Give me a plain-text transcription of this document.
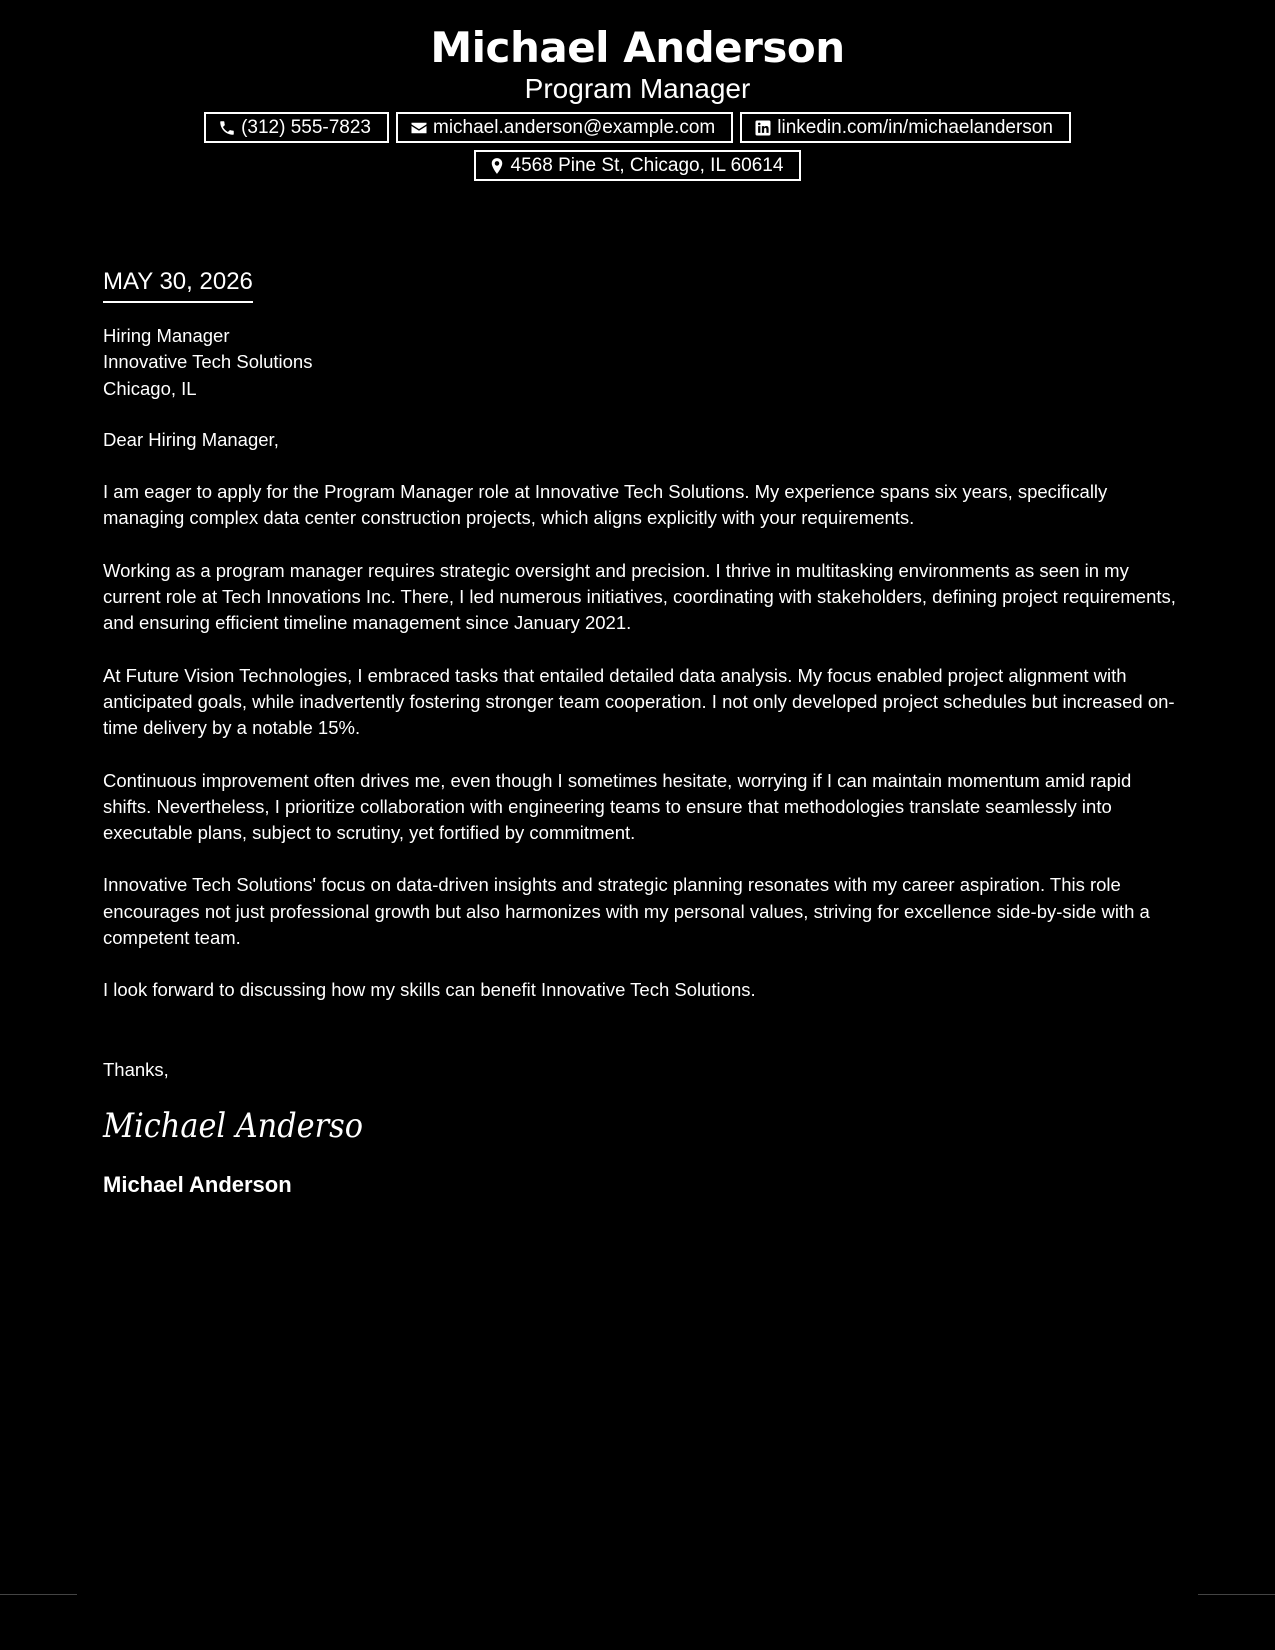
Michael Anderson
Program Manager
(312) 555-7823	michael.anderson@example.com	linkedin.com/in/michaelanderson
4568 Pine St, Chicago, IL 60614
MAY 30, 2026
Hiring Manager
Innovative Tech Solutions
Chicago, IL
Dear Hiring Manager,
I am eager to apply for the Program Manager role at Innovative Tech Solutions. My experience spans six years, specifically managing complex data center construction projects, which aligns explicitly with your requirements.
Working as a program manager requires strategic oversight and precision. I thrive in multitasking environments as seen in my current role at Tech Innovations Inc. There, I led numerous initiatives, coordinating with stakeholders, defining project requirements, and ensuring efficient timeline management since January 2021.
At Future Vision Technologies, I embraced tasks that entailed detailed data analysis. My focus enabled project alignment with anticipated goals, while inadvertently fostering stronger team cooperation. I not only developed project schedules but increased on-time delivery by a notable 15%.
Continuous improvement often drives me, even though I sometimes hesitate, worrying if I can maintain momentum amid rapid shifts. Nevertheless, I prioritize collaboration with engineering teams to ensure that methodologies translate seamlessly into executable plans, subject to scrutiny, yet fortified by commitment.
Innovative Tech Solutions' focus on data-driven insights and strategic planning resonates with my career aspiration. This role encourages not just professional growth but also harmonizes with my personal values, striving for excellence side-by-side with a competent team.
I look forward to discussing how my skills can benefit Innovative Tech Solutions.
Thanks,
Michael Anderso
Michael Anderson
